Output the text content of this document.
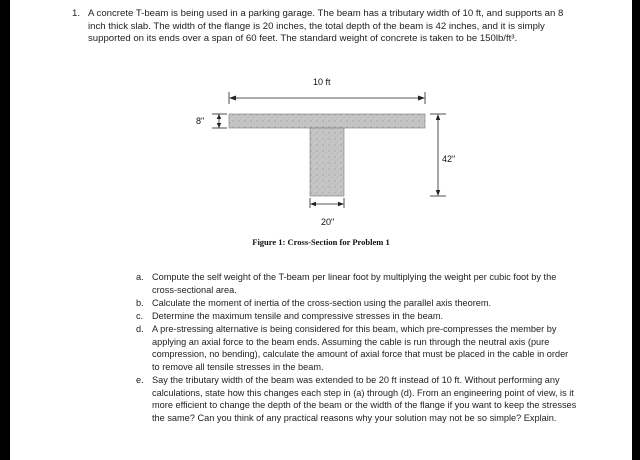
1. A concrete T-beam is being used in a parking garage. The beam has a tributary width of 10 ft, and supports an 8 inch thick slab. The width of the flange is 20 inches, the total depth of the beam is 42 inches, and it is simply supported on its ends over a span of 60 feet. The standard weight of concrete is taken to be 150lb/ft³.

10 ft
8"
42"
20"
Figure 1: Cross-Section for Problem 1
a. Compute the self weight of the T-beam per linear foot by multiplying the weight per cubic foot by the cross-sectional area.
b. Calculate the moment of inertia of the cross-section using the parallel axis theorem.
c. Determine the maximum tensile and compressive stresses in the beam.
d. A pre-stressing alternative is being considered for this beam, which pre-compresses the member by applying an axial force to the beam ends. Assuming the cable is run through the neutral axis (pure compression, no bending), calculate the amount of axial force that must be placed in the cable in order to remove all tensile stresses in the beam.
e. Say the tributary width of the beam was extended to be 20 ft instead of 10 ft. Without performing any calculations, state how this changes each step in (a) through (d). From an engineering point of view, is it more efficient to change the depth of the beam or the width of the flange if you want to keep the stresses the same? Can you think of any practical reasons why your solution may not be so simple? Explain.
